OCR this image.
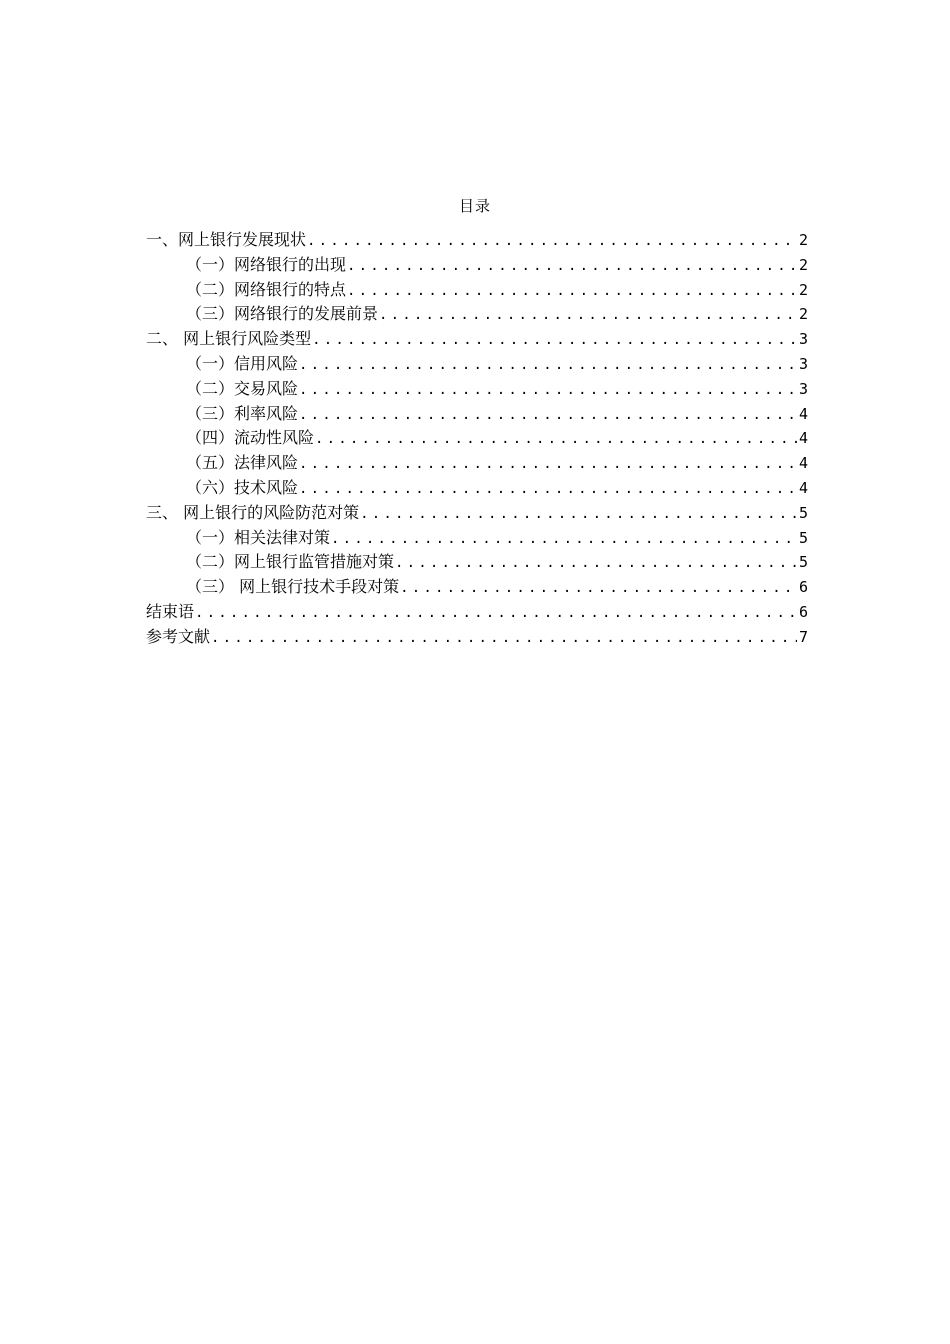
目录
一、网上银行发展现状 .....	2
（一）网络银行的出现 .....	2
（二）网络银行的特点 .....	2
（三）网络银行的发展前景 .....	2
二、 网上银行风险类型 .....	3
（一）信用风险 .....	3
（二）交易风险 .....	3
（三）利率风险 .....	4
（四）流动性风险 .....	4
（五）法律风险 .....	4
（六）技术风险 .....	4
三、 网上银行的风险防范对策 .....	5
（一）相关法律对策 .....	5
（二）网上银行监管措施对策 .....	5
（三） 网上银行技术手段对策 .....	6
结束语 .....	6
参考文献 .....	7
